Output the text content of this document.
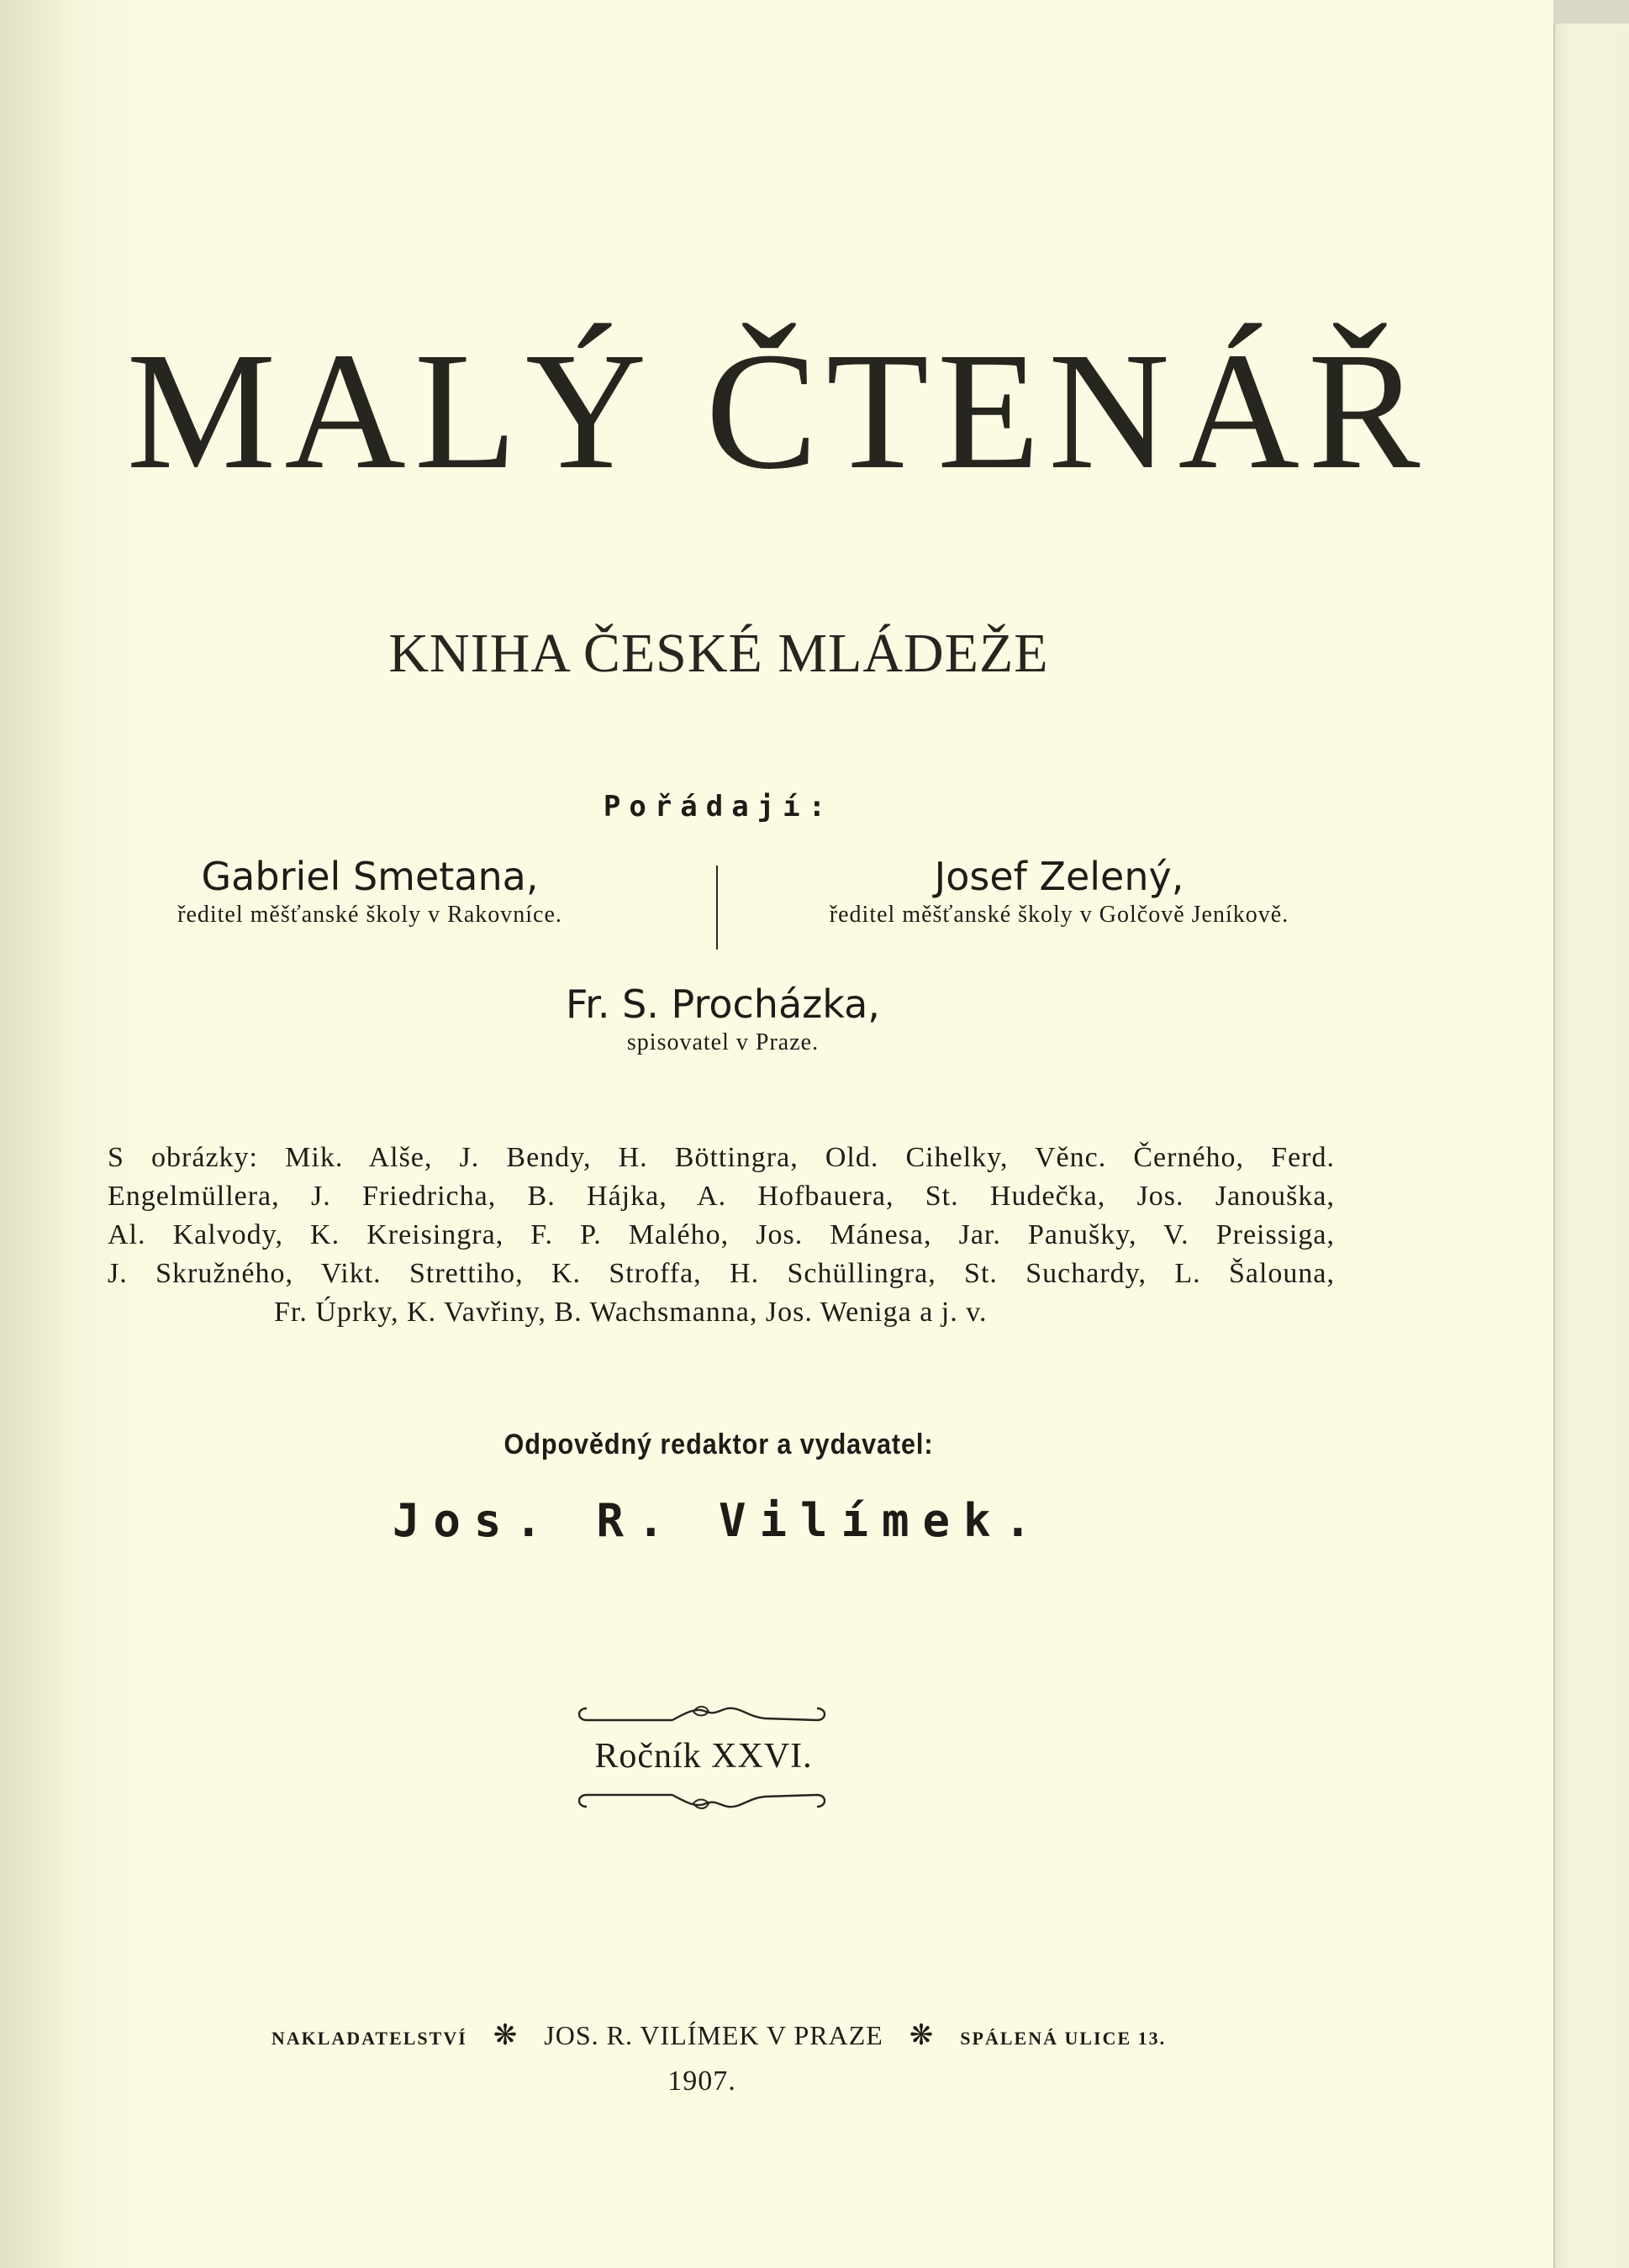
MALÝ ČTENÁŘ
KNIHA ČESKÉ MLÁDEŽE
Pořádají:
Gabriel Smetana,
ředitel měšťanské školy v Rakovníce.
Josef Zelený,
ředitel měšťanské školy v Golčově Jeníkově.
Fr. S. Procházka,
spisovatel v Praze.
S obrázky: Mik. Alše, J. Bendy, H. Böttingra, Old. Cihelky, Věnc. Černého, Ferd.
Engelmüllera, J. Friedricha, B. Hájka, A. Hofbauera, St. Hudečka, Jos. Janouška,
Al. Kalvody, K. Kreisingra, F. P. Malého, Jos. Mánesa, Jar. Panušky, V. Preissiga,
J. Skružného, Vikt. Strettiho, K. Stroffa, H. Schüllingra, St. Suchardy, L. Šalouna,
Fr. Úprky, K. Vavřiny, B. Wachsmanna, Jos. Weniga a j. v.
Odpovědný redaktor a vydavatel:
Jos. R. Vilímek.
Ročník XXVI.
NAKLADATELSTVÍ ❋ JOS. R. VILÍMEK V PRAZE ❋ SPÁLENÁ ULICE 13.
1907.
